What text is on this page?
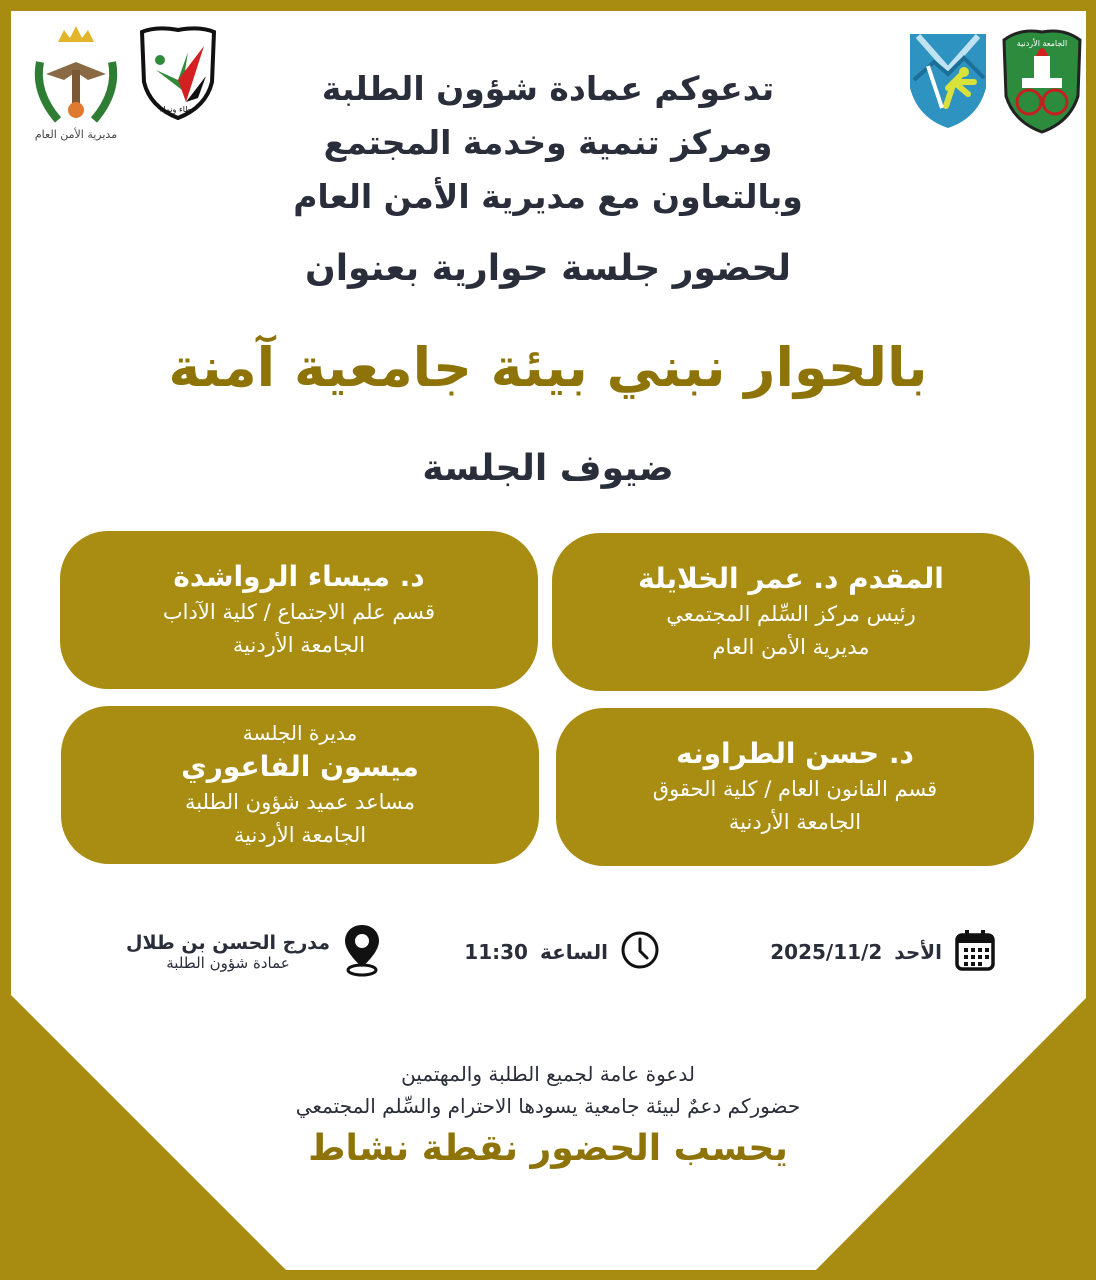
مديرية الأمن العام
عطاء ونماء
الجامعة الأردنية
تدعوكم عمادة شؤون الطلبة
ومركز تنمية وخدمة المجتمع
وبالتعاون مع مديرية الأمن العام
لحضور جلسة حوارية بعنوان
بالحوار نبني بيئة جامعية آمنة
ضيوف الجلسة
المقدم د. عمر الخلايلة
رئيس مركز السِّلم المجتمعي
مديرية الأمن العام
د. ميساء الرواشدة
قسم علم الاجتماع / كلية الآداب
الجامعة الأردنية
د. حسن الطراونه
قسم القانون العام / كلية الحقوق
الجامعة الأردنية
مديرة الجلسة
ميسون الفاعوري
مساعد عميد شؤون الطلبة
الجامعة الأردنية
الأحد
2025/11/2
الساعة
11:30
مدرج الحسن بن طلال
عمادة شؤون الطلبة
لدعوة عامة لجميع الطلبة والمهتمين
حضوركم دعمٌ لبيئة جامعية يسودها الاحترام والسِّلم المجتمعي
يحسب الحضور نقطة نشاط
